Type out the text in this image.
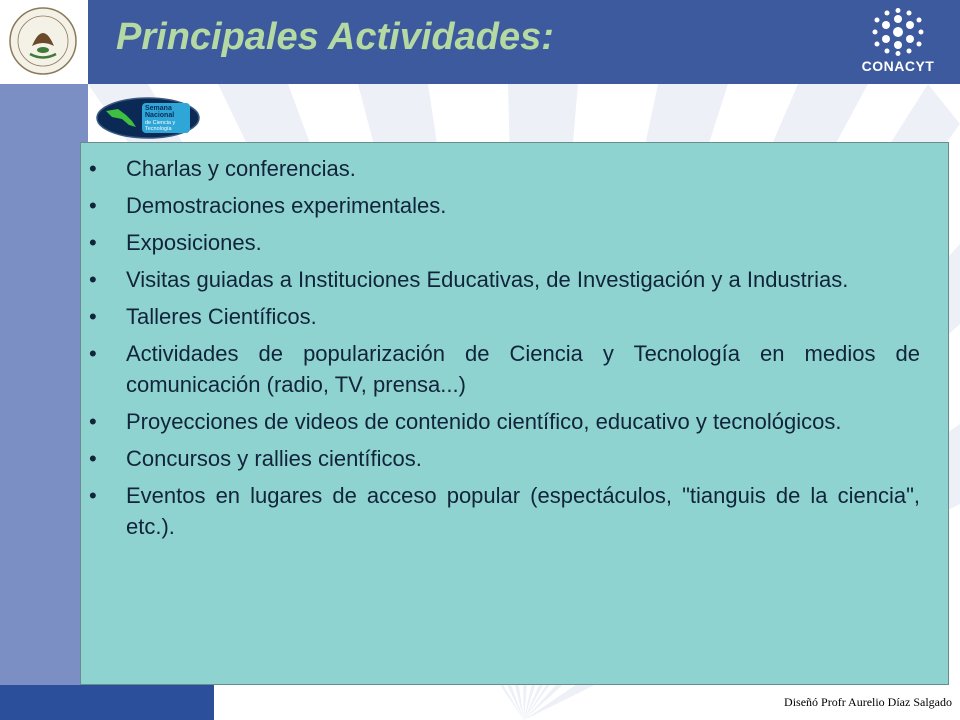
Principales Actividades:
CONACYT
Semana
Nacional
de Ciencia y
Tecnología
• Charlas y conferencias.
• Demostraciones experimentales.
• Exposiciones.
• Visitas guiadas a Instituciones Educativas, de Investigación y a Industrias.
• Talleres Científicos.
• Actividades de popularización de Ciencia y Tecnología en medios de comunicación (radio, TV, prensa...)
• Proyecciones de videos de contenido científico, educativo y tecnológicos.
• Concursos y rallies científicos.
• Eventos en lugares de acceso popular (espectáculos, "tianguis de la ciencia", etc.).
Diseñó Profr Aurelio Díaz Salgado
